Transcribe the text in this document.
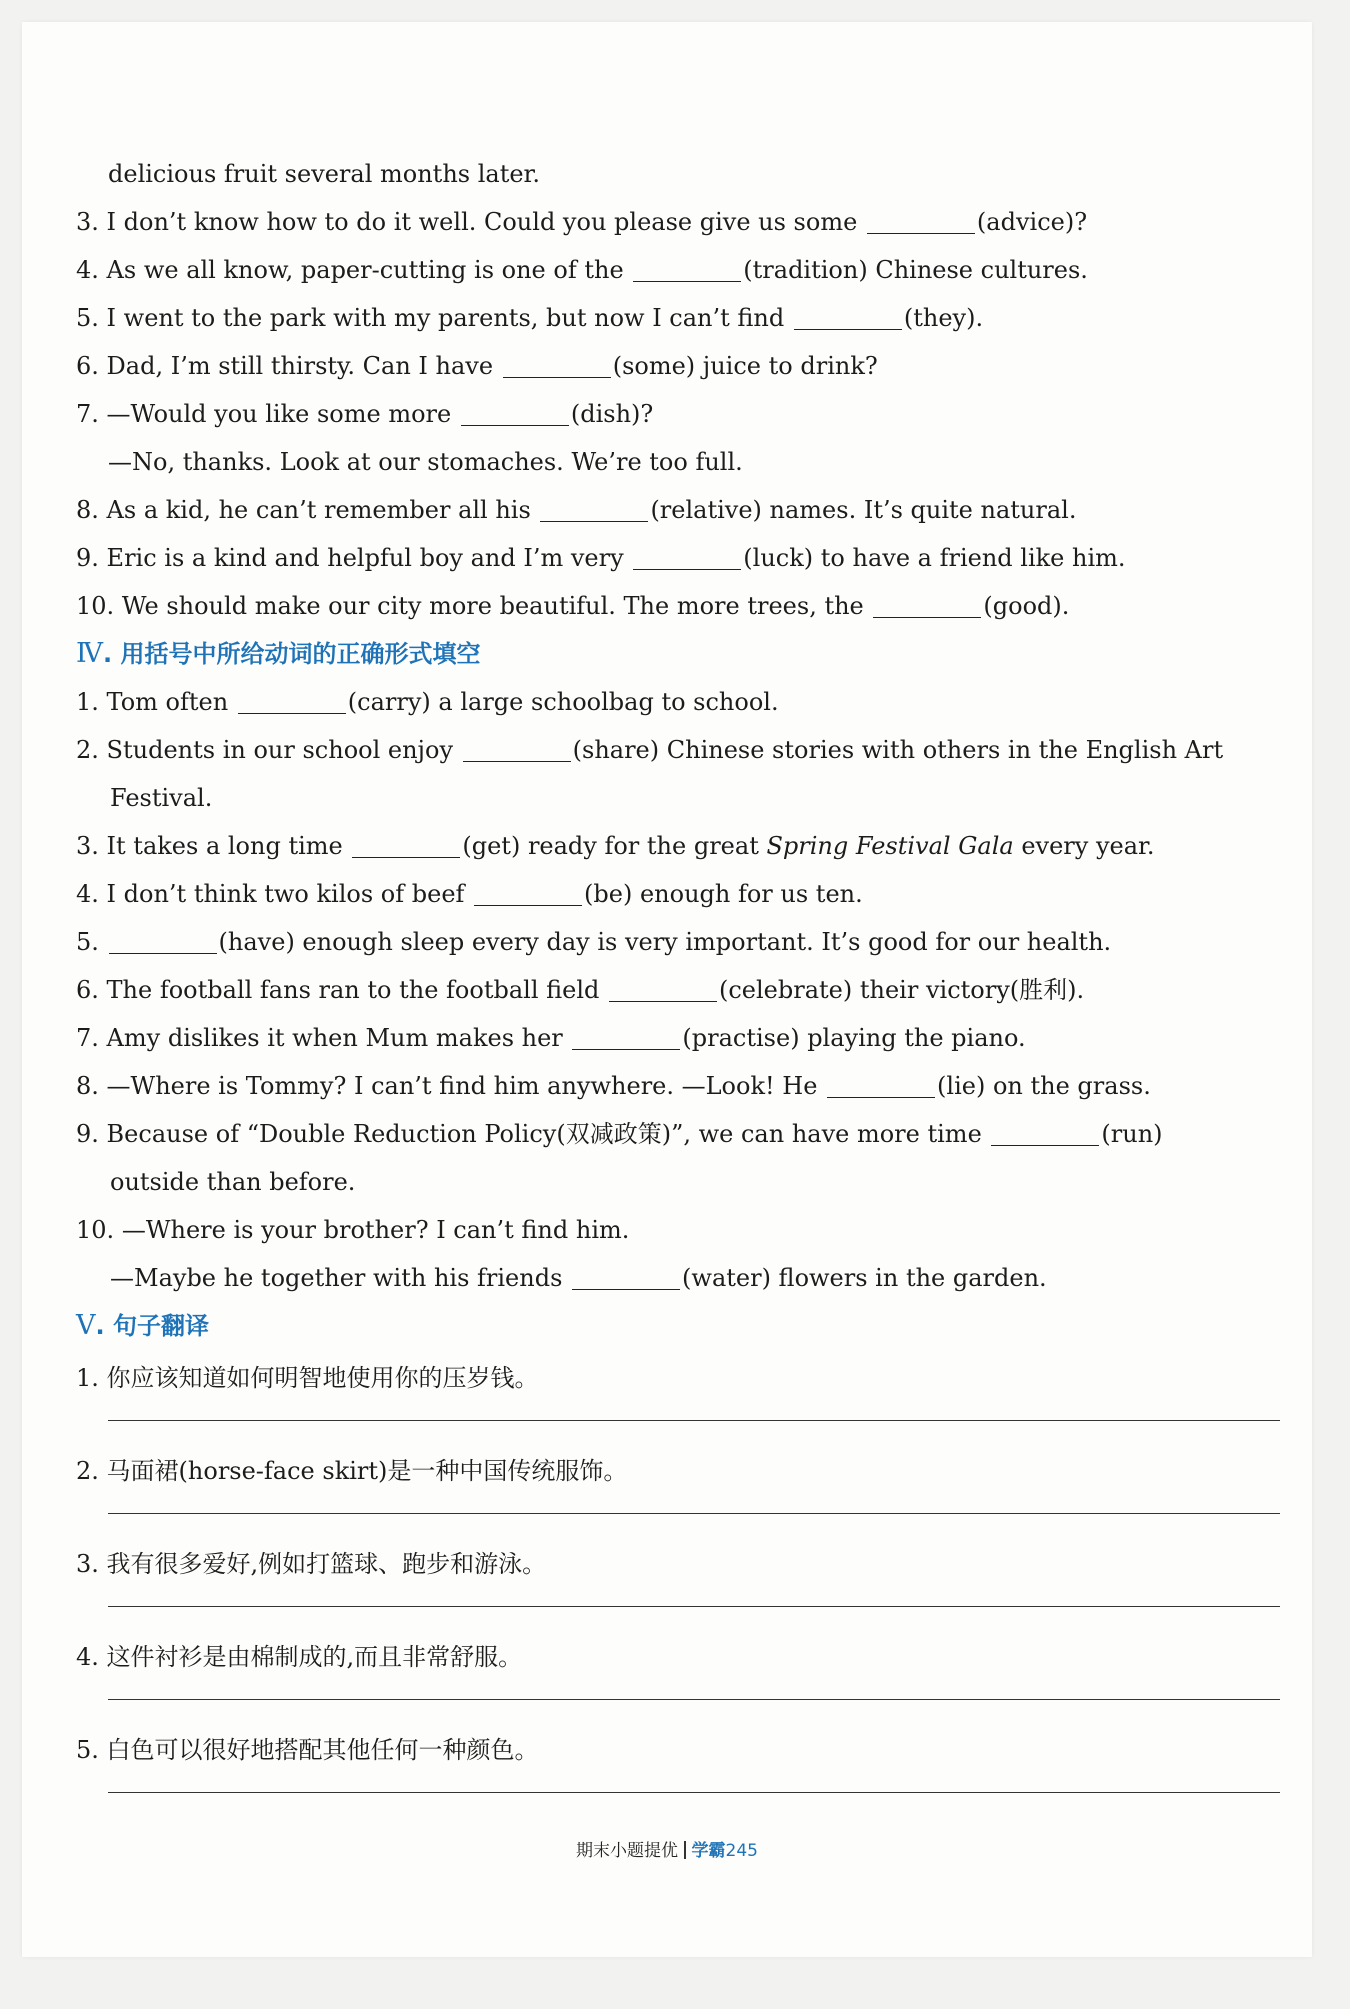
delicious fruit several months later.
3. I don’t know how to do it well. Could you please give us some	(advice)?
4. As we all know, paper-cutting is one of the	(tradition) Chinese cultures.
5. I went to the park with my parents, but now I can’t find	(they).
6. Dad, I’m still thirsty. Can I have	(some) juice to drink?
7. —Would you like some more	(dish)?
—No, thanks. Look at our stomaches. We’re too full.
8. As a kid, he can’t remember all his	(relative) names. It’s quite natural.
9. Eric is a kind and helpful boy and I’m very	(luck) to have a friend like him.
10. We should make our city more beautiful. The more trees, the	(good).
Ⅳ. 用括号中所给动词的正确形式填空
1. Tom often	(carry) a large schoolbag to school.
2. Students in our school enjoy	(share) Chinese stories with others in the English Art
Festival.
3. It takes a long time	(get) ready for the great Spring Festival Gala every year.
4. I don’t think two kilos of beef	(be) enough for us ten.
5.	(have) enough sleep every day is very important. It’s good for our health.
6. The football fans ran to the football field	(celebrate) their victory(胜利).
7. Amy dislikes it when Mum makes her	(practise) playing the piano.
8. —Where is Tommy? I can’t find him anywhere. —Look! He	(lie) on the grass.
9. Because of “Double Reduction Policy(双减政策)”, we can have more time	(run)
outside than before.
10. —Where is your brother? I can’t find him.
—Maybe he together with his friends	(water) flowers in the garden.
Ⅴ. 句子翻译
1. 你应该知道如何明智地使用你的压岁钱。
2. 马面裙(horse-face skirt)是一种中国传统服饰。
3. 我有很多爱好,例如打篮球、跑步和游泳。
4. 这件衬衫是由棉制成的,而且非常舒服。
5. 白色可以很好地搭配其他任何一种颜色。
期末小题提优 学霸245
